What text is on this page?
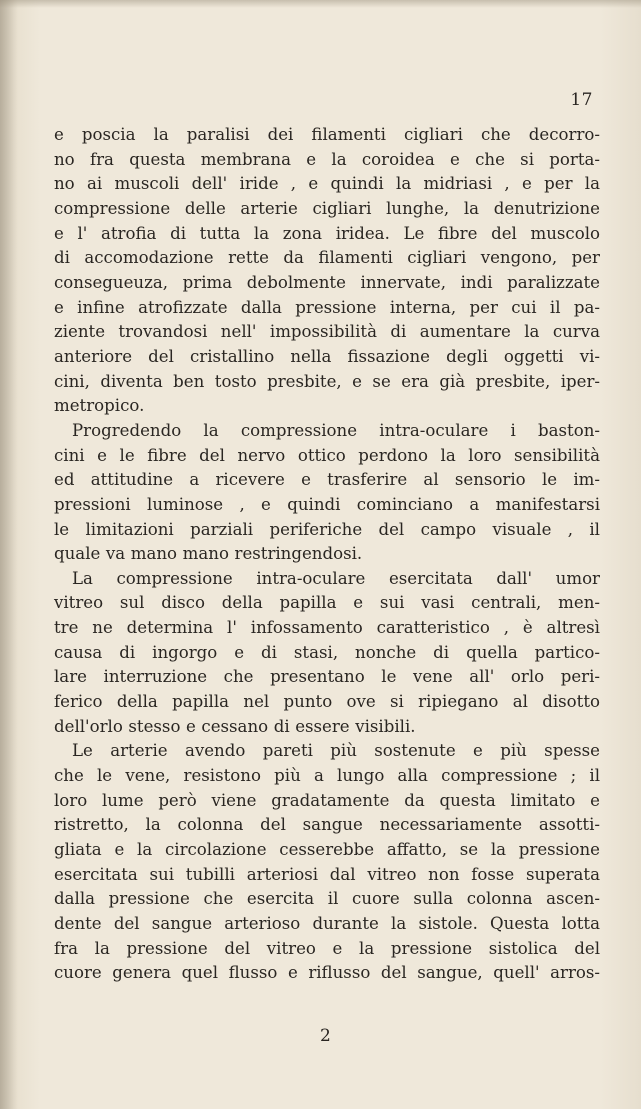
17
e poscia la paralisi dei filamenti cigliari che decorro-
no fra questa membrana e la coroidea e che si porta-
no ai muscoli dell' iride , e quindi la midriasi , e per la
compressione delle arterie cigliari lunghe, la denutrizione
e l' atrofia di tutta la zona iridea. Le fibre del muscolo
di accomodazione rette da filamenti cigliari vengono, per
consegueuza, prima debolmente innervate, indi paralizzate
e infine atrofizzate dalla pressione interna, per cui il pa-
ziente trovandosi nell' impossibilità di aumentare la curva
anteriore del cristallino nella fissazione degli oggetti vi-
cini, diventa ben tosto presbite, e se era già presbite, iper-
metropico.
Progredendo la compressione intra-oculare i baston-
cini e le fibre del nervo ottico perdono la loro sensibilità
ed attitudine a ricevere e trasferire al sensorio le im-
pressioni luminose , e quindi cominciano a manifestarsi
le limitazioni parziali periferiche del campo visuale , il
quale va mano mano restringendosi.
La compressione intra-oculare esercitata dall' umor
vitreo sul disco della papilla e sui vasi centrali, men-
tre ne determina l' infossamento caratteristico , è altresì
causa di ingorgo e di stasi, nonche di quella partico-
lare interruzione che presentano le vene all' orlo peri-
ferico della papilla nel punto ove si ripiegano al disotto
dell'orlo stesso e cessano di essere visibili.
Le arterie avendo pareti più sostenute e più spesse
che le vene, resistono più a lungo alla compressione ; il
loro lume però viene gradatamente da questa limitato e
ristretto, la colonna del sangue necessariamente assotti-
gliata e la circolazione cesserebbe affatto, se la pressione
esercitata sui tubilli arteriosi dal vitreo non fosse superata
dalla pressione che esercita il cuore sulla colonna ascen-
dente del sangue arterioso durante la sistole. Questa lotta
fra la pressione del vitreo e la pressione sistolica del
cuore genera quel flusso e riflusso del sangue, quell' arros-
2
